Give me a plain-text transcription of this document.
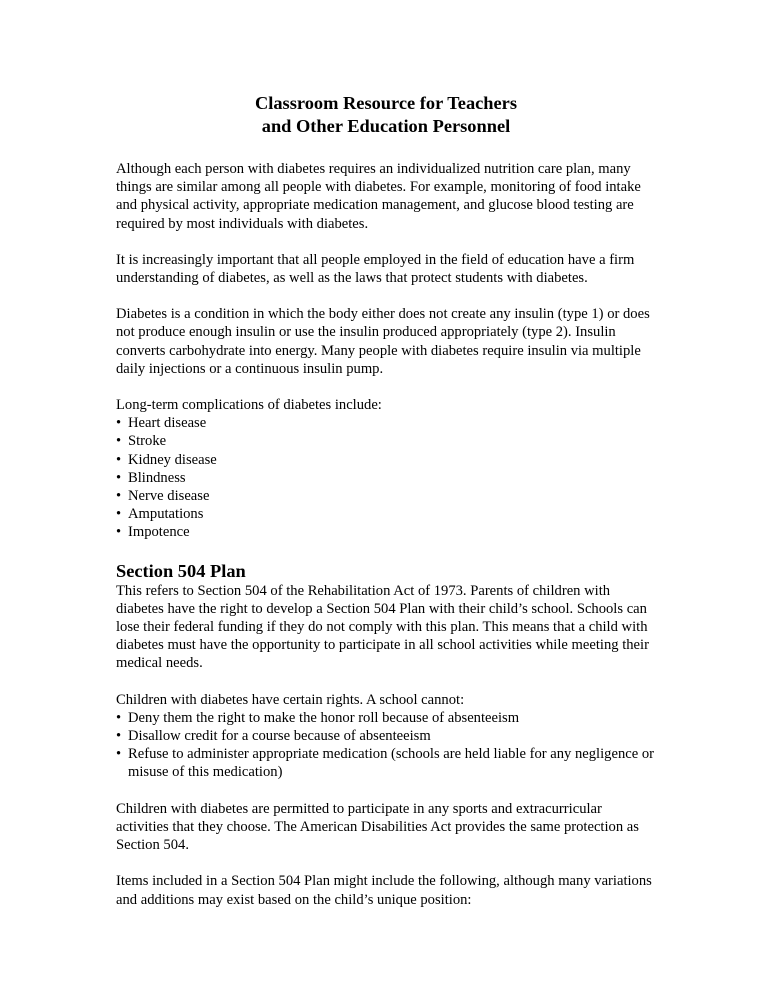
Classroom Resource for Teachers
and Other Education Personnel

Although each person with diabetes requires an individualized nutrition care plan, many things are similar among all people with diabetes. For example, monitoring of food intake and physical activity, appropriate medication management, and glucose blood testing are required by most individuals with diabetes.

It is increasingly important that all people employed in the field of education have a firm understanding of diabetes, as well as the laws that protect students with diabetes.

Diabetes is a condition in which the body either does not create any insulin (type 1) or does not produce enough insulin or use the insulin produced appropriately (type 2). Insulin converts carbohydrate into energy. Many people with diabetes require insulin via multiple daily injections or a continuous insulin pump.

Long-term complications of diabetes include:

• Heart disease
• Stroke
• Kidney disease
• Blindness
• Nerve disease
• Amputations
• Impotence
Section 504 Plan

This refers to Section 504 of the Rehabilitation Act of 1973. Parents of children with diabetes have the right to develop a Section 504 Plan with their child’s school. Schools can lose their federal funding if they do not comply with this plan. This means that a child with diabetes must have the opportunity to participate in all school activities while meeting their medical needs.

Children with diabetes have certain rights. A school cannot:

• Deny them the right to make the honor roll because of absenteeism
• Disallow credit for a course because of absenteeism
• Refuse to administer appropriate medication (schools are held liable for any negligence or misuse of this medication)

Children with diabetes are permitted to participate in any sports and extracurricular activities that they choose. The American Disabilities Act provides the same protection as Section 504.

Items included in a Section 504 Plan might include the following, although many variations and additions may exist based on the child’s unique position:
